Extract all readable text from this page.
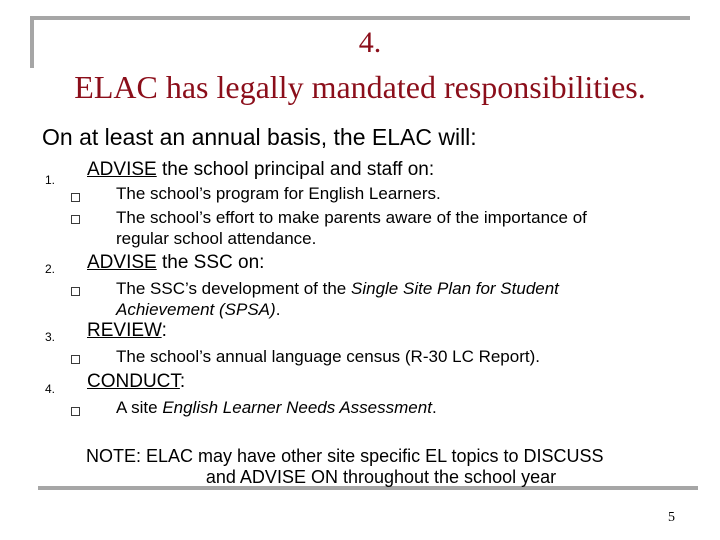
4.
ELAC has legally mandated responsibilities.
On at least an annual basis, the ELAC will:
1. ADVISE the school principal and staff on:
The school’s program for English Learners.
The school’s effort to make parents aware of the importance of
regular school attendance.
2. ADVISE the SSC on:
The SSC’s development of the Single Site Plan for Student
Achievement (SPSA).
3. REVIEW:
The school’s annual language census (R-30 LC Report).
4. CONDUCT:
A site English Learner Needs Assessment.
NOTE: ELAC may have other site specific EL topics to DISCUSS
and ADVISE ON throughout the school year
5
